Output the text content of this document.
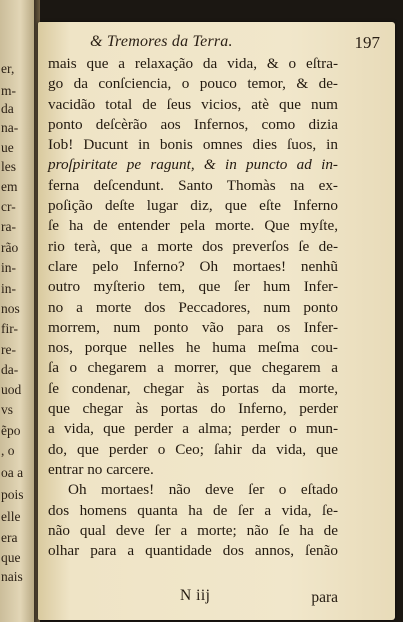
er,
m-
da
na-
ue
les
em
cr-
ra-
rão
in-
in-
nos
fir-
re-
da-
uod
vs
ẽpo
, o
oa a
pois
elle
era
que
nais
& Tremores da Terra.	197
mais que a relaxação da vida, & o eſtra-
go da conſciencia, o pouco temor, & de-
vacidão total de ſeus vicios, atè que num
ponto deſcèrão aos Infernos, como dizia
Iob! Ducunt in bonis omnes dies ſuos, in
proſpiritate pe ragunt, & in puncto ad in-
ferna deſcendunt. Santo Thomàs na ex-
poſição deſte lugar diz, que eſte Inferno
ſe ha de entender pela morte. Que myſte,
rio terà, que a morte dos preverſos ſe de-
clare pelo Inferno? Oh mortaes! nenhũ
outro myſterio tem, que ſer hum Infer-
no a morte dos Peccadores, num ponto
morrem, num ponto vão para os Infer-
nos, porque nelles he huma meſma cou-
ſa o chegarem a morrer, que chegarem a
ſe condenar, chegar às portas da morte,
que chegar às portas do Inferno, perder
a vida, que perder a alma; perder o mun-
do, que perder o Ceo; ſahir da vida, que
entrar no carcere.
Oh mortaes! não deve ſer o eſtado
dos homens quanta ha de ſer a vida, ſe-
não qual deve ſer a morte; não ſe ha de
olhar para a quantidade dos annos, ſenão
N iij	para
